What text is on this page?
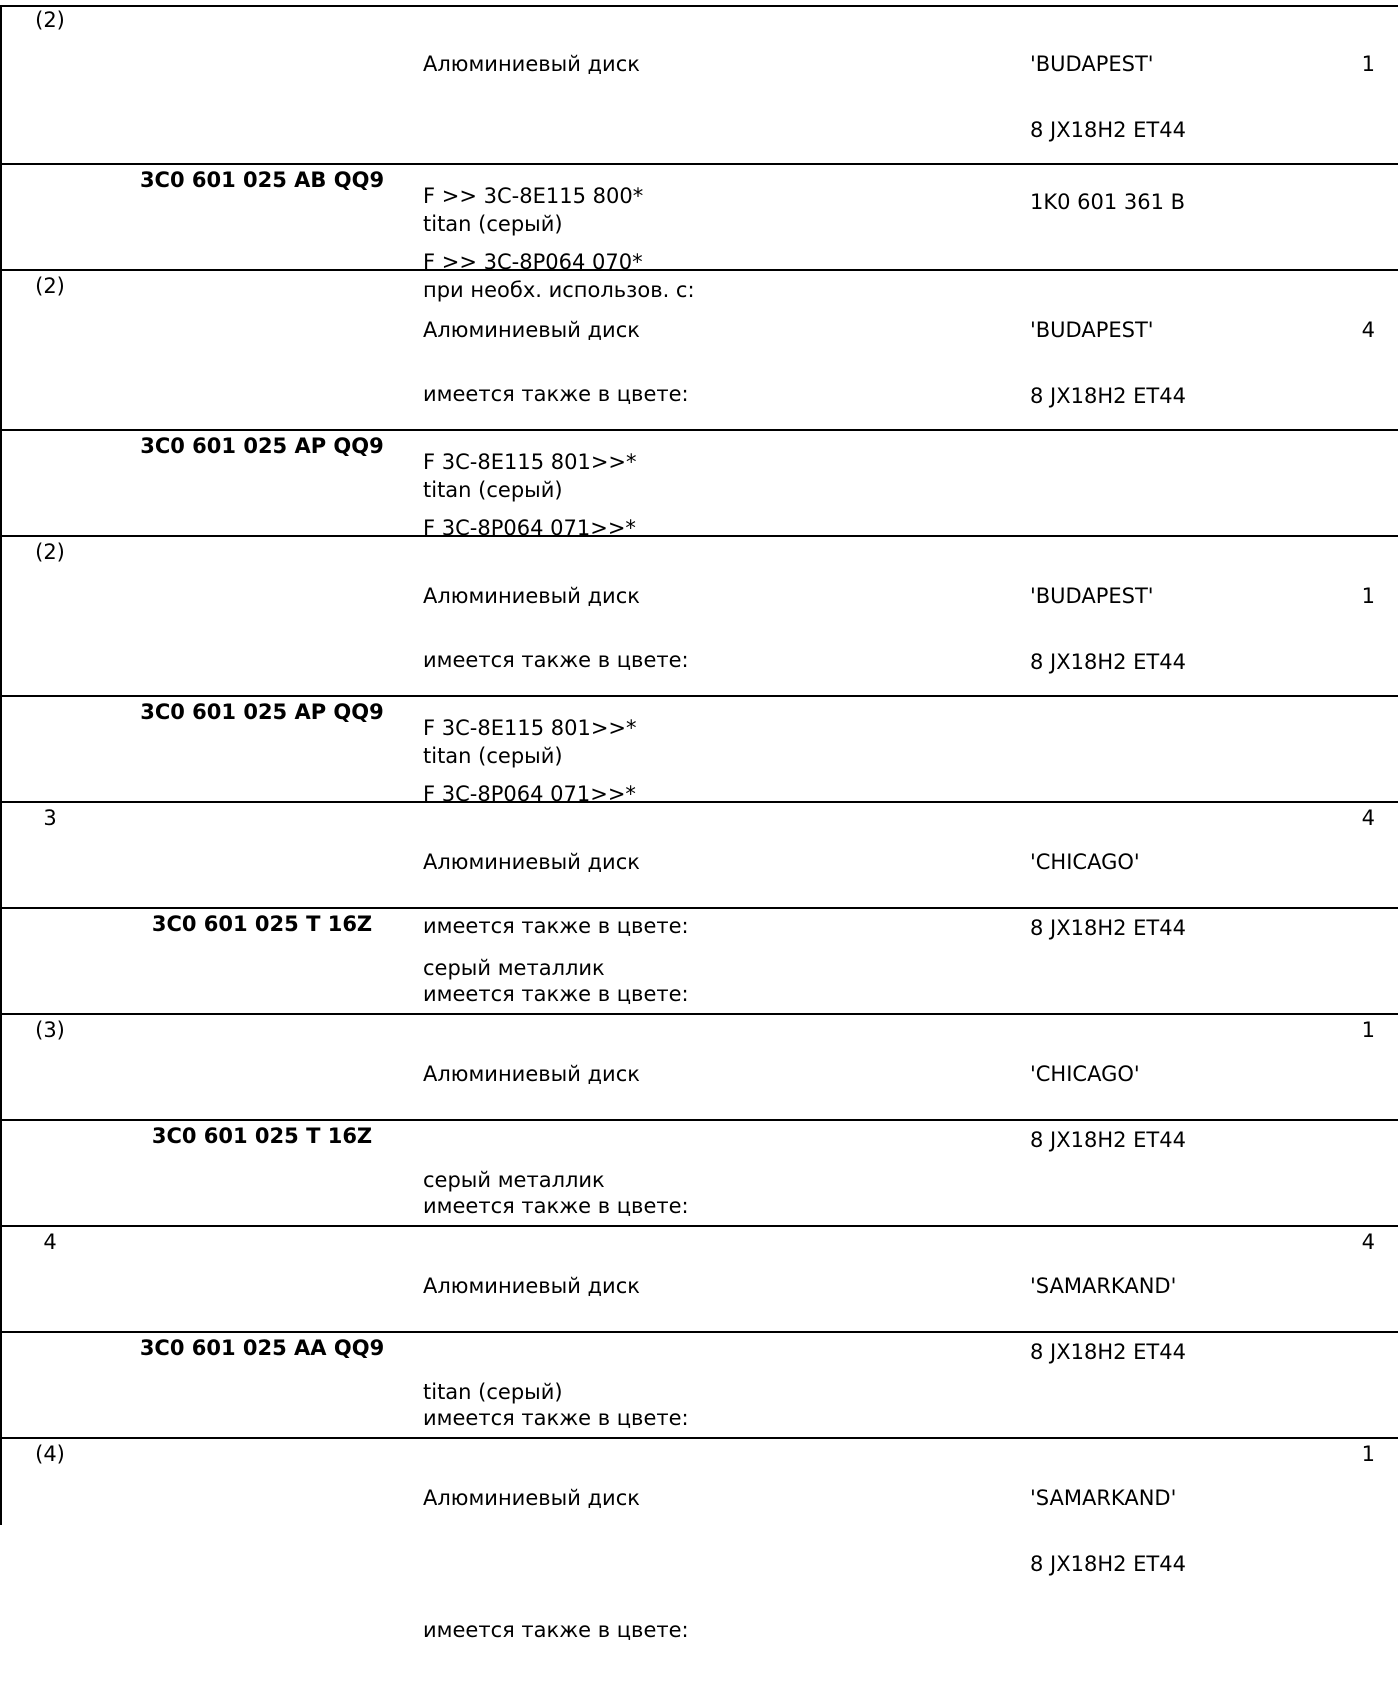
(2)

Алюминиевый диск

F >> 3C-8E115 800*

F >> 3C-8P064 070*

имеется также в цвете:

'BUDAPEST'

8 JX18H2 ET44

1
3C0 601 025 AB QQ9

titan (серый)

при необх. использов. с:

1K0 601 361 B
(2)

Алюминиевый диск

F 3C-8E115 801>>*

F 3C-8P064 071>>*

имеется также в цвете:

'BUDAPEST'

8 JX18H2 ET44

4
3C0 601 025 AP QQ9

titan (серый)

(2)

Алюминиевый диск

F 3C-8E115 801>>*

F 3C-8P064 071>>*

имеется также в цвете:

'BUDAPEST'

8 JX18H2 ET44

1
3C0 601 025 AP QQ9

titan (серый)

3

Алюминиевый диск

имеется также в цвете:

'CHICAGO'

8 JX18H2 ET44

4
3C0 601 025 T 16Z

серый металлик

(3)

Алюминиевый диск

имеется также в цвете:

'CHICAGO'

8 JX18H2 ET44

1
3C0 601 025 T 16Z

серый металлик

4

Алюминиевый диск

имеется также в цвете:

'SAMARKAND'

8 JX18H2 ET44

4
3C0 601 025 AA QQ9

titan (серый)

(4)

Алюминиевый диск

имеется также в цвете:

'SAMARKAND'

8 JX18H2 ET44

1
